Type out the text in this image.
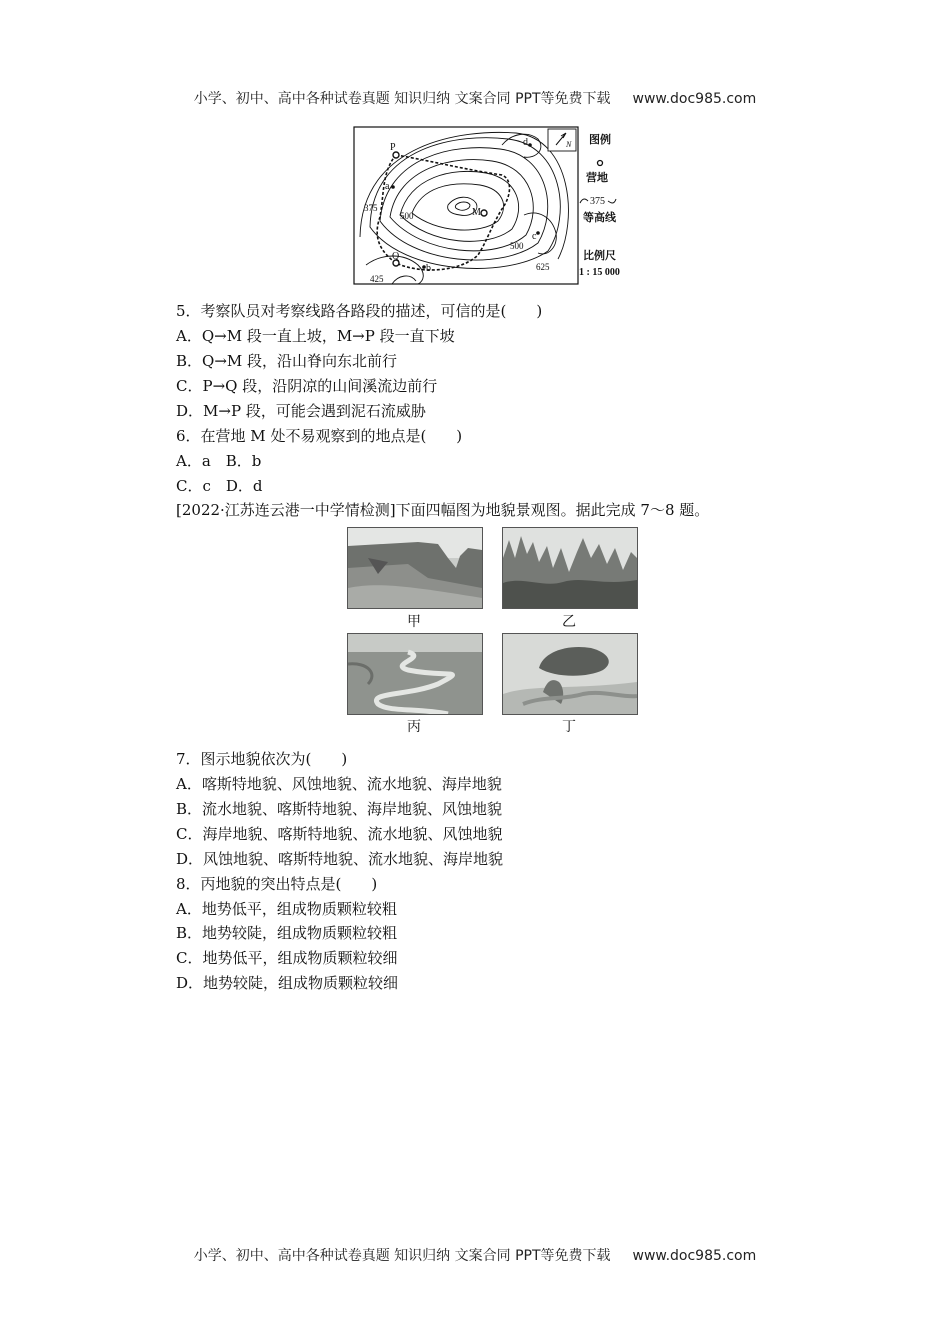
小学、初中、高中各种试卷真题 知识归纳 文案合同 PPT等免费下载 www.doc985.com
P
Q
M
a
b
c
d
375
500
500
625
425
N 图例
营地
375
等高线
比例尺
1 : 15 000
5．考察队员对考察线路各路段的描述，可信的是(　　)
A．Q→M 段一直上坡，M→P 段一直下坡
B．Q→M 段，沿山脊向东北前行
C．P→Q 段，沿阴凉的山间溪流边前行
D．M→P 段，可能会遇到泥石流威胁
6．在营地 M 处不易观察到的地点是(　　)
A．a　B．b
C．c　D．d
[2022·江苏连云港一中学情检测]下面四幅图为地貌景观图。据此完成 7～8 题。
甲	乙
丙	丁
7．图示地貌依次为(　　)
A．喀斯特地貌、风蚀地貌、流水地貌、海岸地貌
B．流水地貌、喀斯特地貌、海岸地貌、风蚀地貌
C．海岸地貌、喀斯特地貌、流水地貌、风蚀地貌
D．风蚀地貌、喀斯特地貌、流水地貌、海岸地貌
8．丙地貌的突出特点是(　　)
A．地势低平，组成物质颗粒较粗
B．地势较陡，组成物质颗粒较粗
C．地势低平，组成物质颗粒较细
D．地势较陡，组成物质颗粒较细
小学、初中、高中各种试卷真题 知识归纳 文案合同 PPT等免费下载 www.doc985.com
